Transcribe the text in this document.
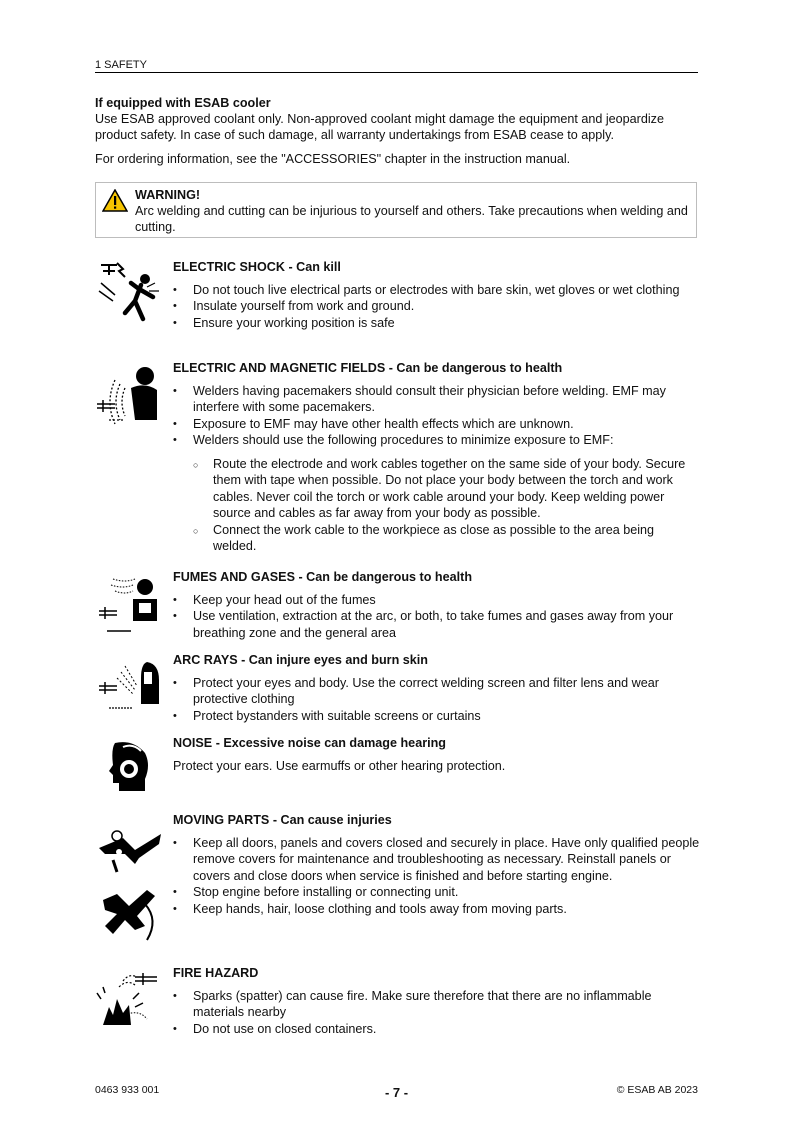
1 SAFETY
If equipped with ESAB cooler

Use ESAB approved coolant only. Non-approved coolant might damage the equipment and jeopardize product safety. In case of such damage, all warranty undertakings from ESAB cease to apply.

For ordering information, see the "ACCESSORIES" chapter in the instruction manual.

WARNING!
Arc welding and cutting can be injurious to yourself and others. Take precautions when welding and cutting.
ELECTRIC SHOCK - Can kill
• Do not touch live electrical parts or electrodes with bare skin, wet gloves or wet clothing
• Insulate yourself from work and ground.
• Ensure your working position is safe
ELECTRIC AND MAGNETIC FIELDS - Can be dangerous to health
• Welders having pacemakers should consult their physician before welding. EMF may interfere with some pacemakers.
• Exposure to EMF may have other health effects which are unknown.
• Welders should use the following procedures to minimize exposure to EMF:
○ Route the electrode and work cables together on the same side of your body. Secure them with tape when possible. Do not place your body between the torch and work cables. Never coil the torch or work cable around your body. Keep welding power source and cables as far away from your body as possible.
○ Connect the work cable to the workpiece as close as possible to the area being welded.
FUMES AND GASES - Can be dangerous to health
• Keep your head out of the fumes
• Use ventilation, extraction at the arc, or both, to take fumes and gases away from your breathing zone and the general area
ARC RAYS - Can injure eyes and burn skin
• Protect your eyes and body. Use the correct welding screen and filter lens and wear protective clothing
• Protect bystanders with suitable screens or curtains
NOISE - Excessive noise can damage hearing

Protect your ears. Use earmuffs or other hearing protection.

MOVING PARTS - Can cause injuries
• Keep all doors, panels and covers closed and securely in place. Have only qualified people remove covers for maintenance and troubleshooting as necessary. Reinstall panels or covers and close doors when service is finished and before starting engine.
• Stop engine before installing or connecting unit.
• Keep hands, hair, loose clothing and tools away from moving parts.
FIRE HAZARD
• Sparks (spatter) can cause fire. Make sure therefore that there are no inflammable materials nearby
• Do not use on closed containers.
0463 933 001	- 7 -	© ESAB AB 2023
